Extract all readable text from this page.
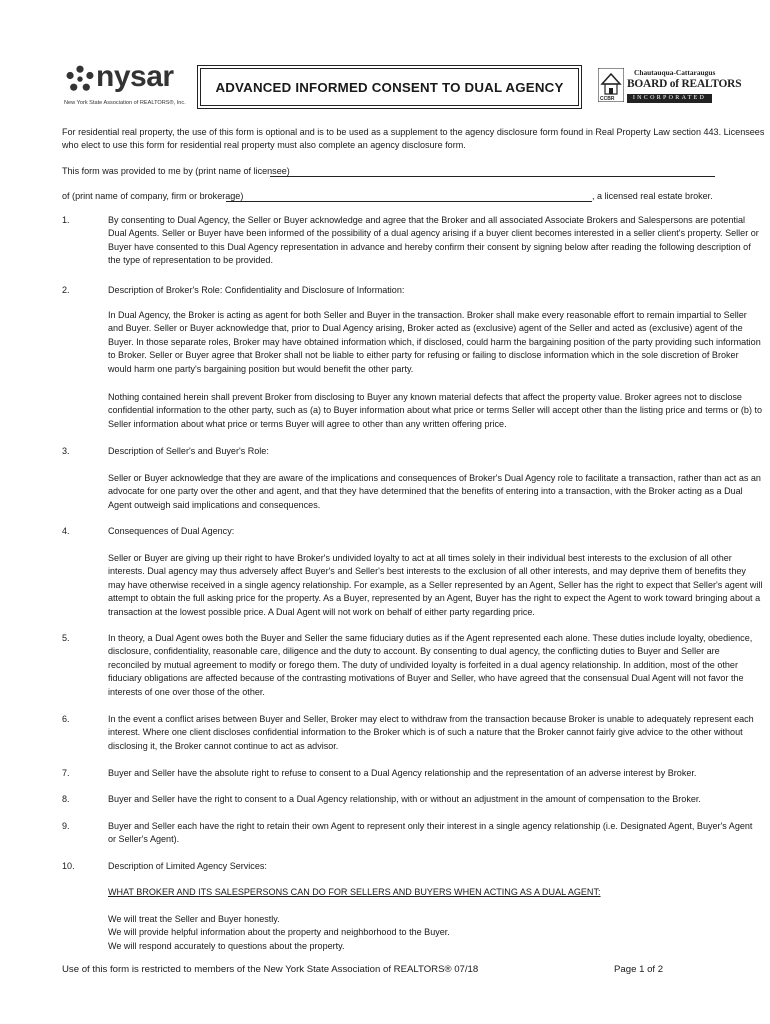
nysar
New York State Association of REALTORS®, Inc.
ADVANCED INFORMED CONSENT TO DUAL AGENCY
CCBR
Chautauqua-Cattaraugus
BOARD of REALTORS
INCORPORATED
For residential real property, the use of this form is optional and is to be used as a supplement to the agency disclosure form found in Real Property Law section 443. Licensees
who elect to use this form for residential real property must also complete an agency disclosure form.
This form was provided to me by (print name of licensee)
of (print name of company, firm or brokerage)	, a licensed real estate broker.
1.	By consenting to Dual Agency, the Seller or Buyer acknowledge and agree that the Broker and all associated Associate Brokers and Salespersons are potential
Dual Agents. Seller or Buyer have been informed of the possibility of a dual agency arising if a buyer client becomes interested in a seller client's property. Seller or
Buyer have consented to this Dual Agency representation in advance and hereby confirm their consent by signing below after reading the following description of
the type of representation to be provided.
2.	Description of Broker's Role: Confidentiality and Disclosure of Information:
In Dual Agency, the Broker is acting as agent for both Seller and Buyer in the transaction. Broker shall make every reasonable effort to remain impartial to Seller
and Buyer. Seller or Buyer acknowledge that, prior to Dual Agency arising, Broker acted as (exclusive) agent of the Seller and acted as (exclusive) agent of the
Buyer. In those separate roles, Broker may have obtained information which, if disclosed, could harm the bargaining position of the party providing such information
to Broker. Seller or Buyer agree that Broker shall not be liable to either party for refusing or failing to disclose information which in the sole discretion of Broker
would harm one party's bargaining position but would benefit the other party.
Nothing contained herein shall prevent Broker from disclosing to Buyer any known material defects that affect the property value. Broker agrees not to disclose
confidential information to the other party, such as (a) to Buyer information about what price or terms Seller will accept other than the listing price and terms or (b) to
Seller information about what price or terms Buyer will agree to other than any written offering price.
3.	Description of Seller's and Buyer's Role:
Seller or Buyer acknowledge that they are aware of the implications and consequences of Broker's Dual Agency role to facilitate a transaction, rather than act as an
advocate for one party over the other and agent, and that they have determined that the benefits of entering into a transaction, with the Broker acting as a Dual
Agent outweigh said implications and consequences.
4.	Consequences of Dual Agency:
Seller or Buyer are giving up their right to have Broker's undivided loyalty to act at all times solely in their individual best interests to the exclusion of all other
interests. Dual agency may thus adversely affect Buyer's and Seller's best interests to the exclusion of all other interests, and may deprive them of benefits they
may have otherwise received in a single agency relationship. For example, as a Seller represented by an Agent, Seller has the right to expect that Seller's agent will
attempt to obtain the full asking price for the property. As a Buyer, represented by an Agent, Buyer has the right to expect the Agent to work toward bringing about a
transaction at the lowest possible price. A Dual Agent will not work on behalf of either party regarding price.
5.	In theory, a Dual Agent owes both the Buyer and Seller the same fiduciary duties as if the Agent represented each alone. These duties include loyalty, obedience,
disclosure, confidentiality, reasonable care, diligence and the duty to account. By consenting to dual agency, the conflicting duties to Buyer and Seller are
reconciled by mutual agreement to modify or forego them. The duty of undivided loyalty is forfeited in a dual agency relationship. In addition, most of the other
fiduciary obligations are affected because of the contrasting motivations of Buyer and Seller, who have agreed that the consensual Dual Agent will not favor the
interests of one over those of the other.
6.	In the event a conflict arises between Buyer and Seller, Broker may elect to withdraw from the transaction because Broker is unable to adequately represent each
interest. Where one client discloses confidential information to the Broker which is of such a nature that the Broker cannot fairly give advice to the other without
disclosing it, the Broker cannot continue to act as advisor.
7.	Buyer and Seller have the absolute right to refuse to consent to a Dual Agency relationship and the representation of an adverse interest by Broker.
8.	Buyer and Seller have the right to consent to a Dual Agency relationship, with or without an adjustment in the amount of compensation to the Broker.
9.	Buyer and Seller each have the right to retain their own Agent to represent only their interest in a single agency relationship (i.e. Designated Agent, Buyer's Agent
or Seller's Agent).
10.	Description of Limited Agency Services:
WHAT BROKER AND ITS SALESPERSONS CAN DO FOR SELLERS AND BUYERS WHEN ACTING AS A DUAL AGENT:
We will treat the Seller and Buyer honestly.
We will provide helpful information about the property and neighborhood to the Buyer.
We will respond accurately to questions about the property.
Use of this form is restricted to members of the New York State Association of REALTORS® 07/18	Page 1 of 2
